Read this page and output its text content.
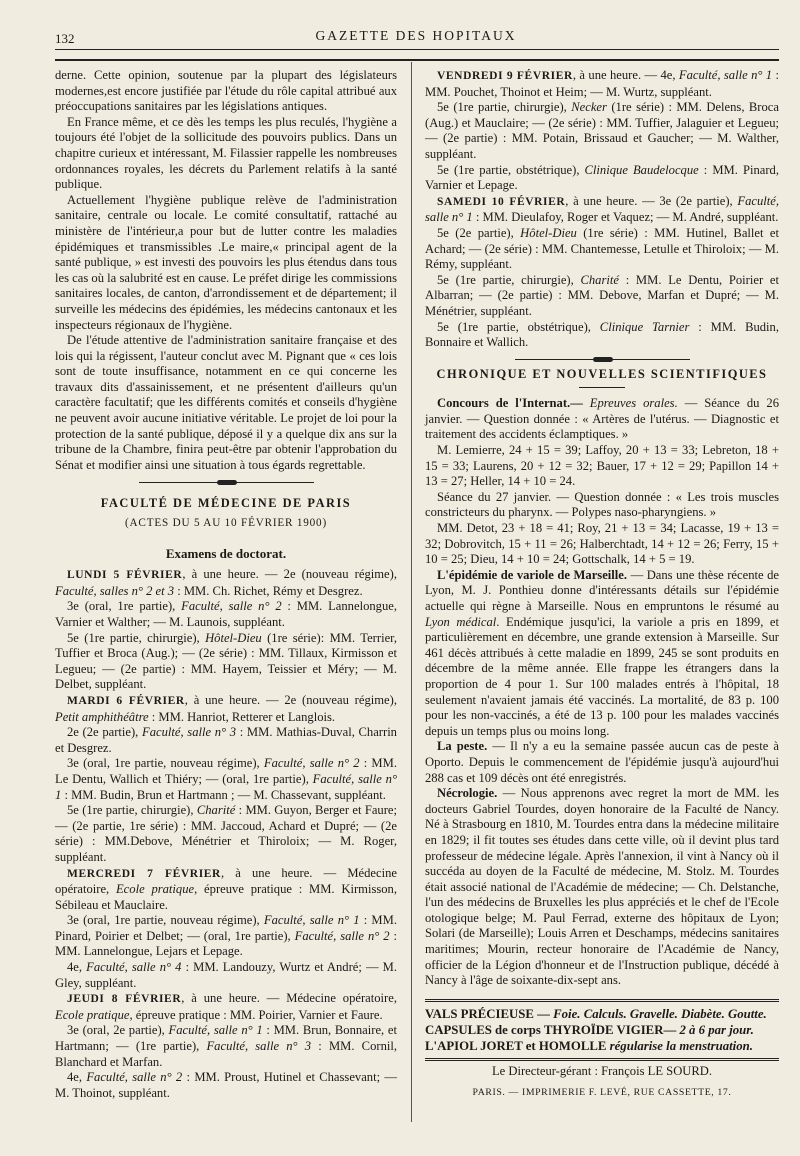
132	GAZETTE DES HOPITAUX

derne. Cette opinion, soutenue par la plupart des législateurs modernes,est encore justifiée par l'étude du rôle capital attribué aux préoccupations sanitaires par les législations antiques.

En France même, et ce dès les temps les plus reculés, l'hygiène a toujours été l'objet de la sollicitude des pouvoirs publics. Dans un chapitre curieux et intéressant, M. Filassier rappelle les nombreuses ordonnances royales, les décrets du Parlement relatifs à la santé publique.

Actuellement l'hygiène publique relève de l'administration sanitaire, centrale ou locale. Le comité consultatif, rattaché au ministère de l'intérieur,a pour but de lutter contre les maladies épidémiques et transmissibles .Le maire,« principal agent de la santé publique, » est investi des pouvoirs les plus étendus dans tous les cas où la salubrité est en cause. Le préfet dirige les commissions sanitaires locales, de canton, d'arrondissement et de département; il surveille les médecins des épidémies, les médecins cantonaux et les inspecteurs régionaux de l'hygiène.

De l'étude attentive de l'administration sanitaire française et des lois qui la régissent, l'auteur conclut avec M. Pignant que « ces lois sont de toute insuffisance, notamment en ce qui concerne les travaux dits d'assainissement, et ne présentent d'ailleurs qu'un caractère facultatif; que les différents comités et conseils d'hygiène ne peuvent avoir aucune initiative véritable. Le projet de loi pour la protection de la santé publique, déposé il y a quelque dix ans sur la tribune de la Chambre, finira peut-être par obtenir l'approbation du Sénat et modifier ainsi une situation à tous égards regrettable.

FACULTÉ DE MÉDECINE DE PARIS
(ACTES DU 5 AU 10 FÉVRIER 1900)
Examens de doctorat.

LUNDI 5 FÉVRIER, à une heure. — 2e (nouveau régime), Faculté, salles n° 2 et 3 : MM. Ch. Richet, Rémy et Desgrez.

3e (oral, 1re partie), Faculté, salle n° 2 : MM. Lannelongue, Varnier et Walther; — M. Launois, suppléant.

5e (1re partie, chirurgie), Hôtel-Dieu (1re série): MM. Terrier, Tuffier et Broca (Aug.); — (2e série) : MM. Tillaux, Kirmisson et Legueu; — (2e partie) : MM. Hayem, Teissier et Méry; — M. Delbet, suppléant.

MARDI 6 FÉVRIER, à une heure. — 2e (nouveau régime), Petit amphithéâtre : MM. Hanriot, Retterer et Langlois.

2e (2e partie), Faculté, salle n° 3 : MM. Mathias-Duval, Charrin et Desgrez.

3e (oral, 1re partie, nouveau régime), Faculté, salle n° 2 : MM. Le Dentu, Wallich et Thiéry; — (oral, 1re partie), Faculté, salle n° 1 : MM. Budin, Brun et Hartmann ; — M. Chassevant, suppléant.

5e (1re partie, chirurgie), Charité : MM. Guyon, Berger et Faure; — (2e partie, 1re série) : MM. Jaccoud, Achard et Dupré; — (2e série) : MM.Debove, Ménétrier et Thiroloix; — M. Roger, suppléant.

MERCREDI 7 FÉVRIER, à une heure. — Médecine opératoire, Ecole pratique, épreuve pratique : MM. Kirmisson, Sébileau et Mauclaire.

3e (oral, 1re partie, nouveau régime), Faculté, salle n° 1 : MM. Pinard, Poirier et Delbet; — (oral, 1re partie), Faculté, salle n° 2 : MM. Lannelongue, Lejars et Lepage.

4e, Faculté, salle n° 4 : MM. Landouzy, Wurtz et André; — M. Gley, suppléant.

JEUDI 8 FÉVRIER, à une heure. — Médecine opératoire, Ecole pratique, épreuve pratique : MM. Poirier, Varnier et Faure.

3e (oral, 2e partie), Faculté, salle n° 1 : MM. Brun, Bonnaire, et Hartmann; — (1re partie), Faculté, salle n° 3 : MM. Cornil, Blanchard et Marfan.

4e, Faculté, salle n° 2 : MM. Proust, Hutinel et Chassevant; — M. Thoinot, suppléant.

VENDREDI 9 FÉVRIER, à une heure. — 4e, Faculté, salle n° 1 : MM. Pouchet, Thoinot et Heim; — M. Wurtz, suppléant.

5e (1re partie, chirurgie), Necker (1re série) : MM. Delens, Broca (Aug.) et Mauclaire; — (2e série) : MM. Tuffier, Jalaguier et Legueu; — (2e partie) : MM. Potain, Brissaud et Gaucher; — M. Walther, suppléant.

5e (1re partie, obstétrique), Clinique Baudelocque : MM. Pinard, Varnier et Lepage.

SAMEDI 10 FÉVRIER, à une heure. — 3e (2e partie), Faculté, salle n° 1 : MM. Dieulafoy, Roger et Vaquez; — M. André, suppléant.

5e (2e partie), Hôtel-Dieu (1re série) : MM. Hutinel, Ballet et Achard; — (2e série) : MM. Chantemesse, Letulle et Thiroloix; — M. Rémy, suppléant.

5e (1re partie, chirurgie), Charité : MM. Le Dentu, Poirier et Albarran; — (2e partie) : MM. Debove, Marfan et Dupré; — M. Ménétrier, suppléant.

5e (1re partie, obstétrique), Clinique Tarnier : MM. Budin, Bonnaire et Wallich.

CHRONIQUE ET NOUVELLES SCIENTIFIQUES

Concours de l'Internat.— Epreuves orales. — Séance du 26 janvier. — Question donnée : « Artères de l'utérus. — Diagnostic et traitement des accidents éclamptiques. »

M. Lemierre, 24 + 15 = 39; Laffoy, 20 + 13 = 33; Lebreton, 18 + 15 = 33; Laurens, 20 + 12 = 32; Bauer, 17 + 12 = 29; Papillon 14 + 13 = 27; Heller, 14 + 10 = 24.

Séance du 27 janvier. — Question donnée : « Les trois muscles constricteurs du pharynx. — Polypes naso-pharyngiens. »

MM. Detot, 23 + 18 = 41; Roy, 21 + 13 = 34; Lacasse, 19 + 13 = 32; Dobrovitch, 15 + 11 = 26; Halberchtadt, 14 + 12 = 26; Ferry, 15 + 10 = 25; Dieu, 14 + 10 = 24; Gottschalk, 14 + 5 = 19.

L'épidémie de variole de Marseille. — Dans une thèse récente de Lyon, M. J. Ponthieu donne d'intéressants détails sur l'épidémie actuelle qui règne à Marseille. Nous en empruntons le résumé au Lyon médical. Endémique jusqu'ici, la variole a pris en 1899, et particulièrement en décembre, une grande extension à Marseille. Sur 461 décès attribués à cette maladie en 1899, 245 se sont produits en décembre de la même année. Elle frappe les étrangers dans la proportion de 4 pour 1. Sur 100 malades entrés à l'hôpital, 18 seulement n'avaient jamais été vaccinés. La mortalité, de 83 p. 100 pour les non-vaccinés, a été de 13 p. 100 pour les malades vaccinés depuis un temps plus ou moins long.

La peste. — Il n'y a eu la semaine passée aucun cas de peste à Oporto. Depuis le commencement de l'épidémie jusqu'à aujourd'hui 288 cas et 109 décès ont été enregistrés.

Nécrologie. — Nous apprenons avec regret la mort de MM. les docteurs Gabriel Tourdes, doyen honoraire de la Faculté de Nancy. Né à Strasbourg en 1810, M. Tourdes entra dans la médecine militaire en 1829; il fit toutes ses études dans cette ville, où il devint plus tard professeur de médecine légale. Après l'annexion, il vint à Nancy où il succéda au doyen de la Faculté de médecine, M. Stolz. M. Tourdes était associé national de l'Académie de médecine; — Ch. Delstanche, l'un des médecins de Bruxelles les plus appréciés et le chef de l'Ecole otologique belge; M. Paul Ferrad, externe des hôpitaux de Lyon; Solari (de Marseille); Louis Arren et Deschamps, médecins sanitaires maritimes; Mourin, recteur honoraire de l'Académie de Nancy, officier de la Légion d'honneur et de l'Instruction publique, décédé à Nancy à l'âge de soixante-dix-sept ans.

VALS PRÉCIEUSE — Foie. Calculs. Gravelle. Diabète. Goutte.
CAPSULES de corps THYROÏDE VIGIER— 2 à 6 par jour.
L'APIOL JORET et HOMOLLE régularise la menstruation.
Le Directeur-gérant : François LE SOURD.
PARIS. — IMPRIMERIE F. LEVÉ, RUE CASSETTE, 17.
